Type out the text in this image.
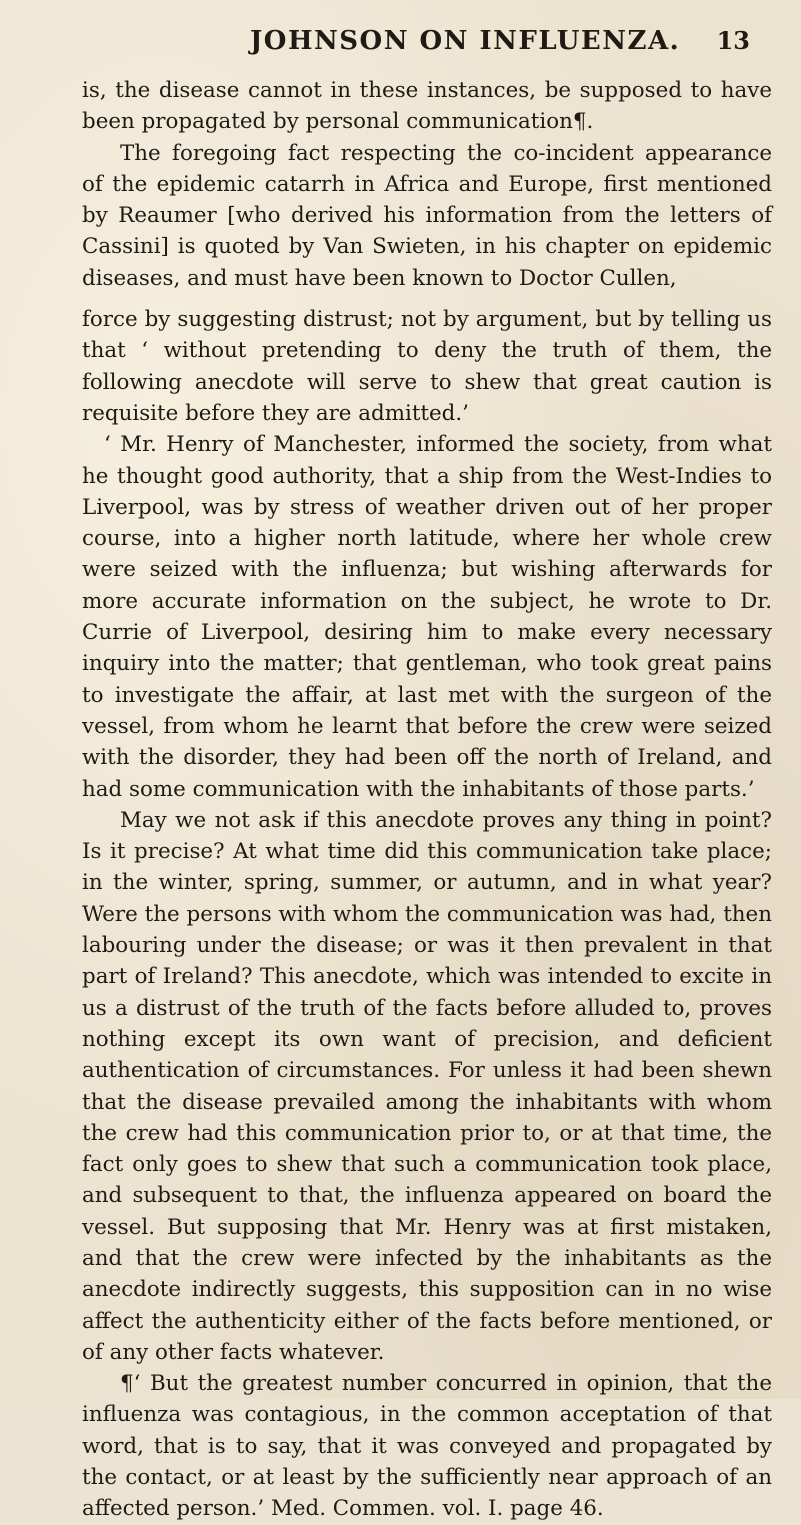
JOHNSON ON INFLUENZA. 13

is, the disease cannot in these instances, be supposed to have been propagated by personal communication¶.

The foregoing fact respecting the co-incident appearance of the epidemic catarrh in Africa and Europe, first mentioned by Reaumer [who derived his information from the letters of Cassini] is quoted by Van Swieten, in his chapter on epidemic diseases, and must have been known to Doctor Cullen,

force by suggesting distrust; not by argument, but by telling us that ‘ without pretending to deny the truth of them, the following anecdote will serve to shew that great caution is requisite before they are admitted.’

‘ Mr. Henry of Manchester, informed the society, from what he thought good authority, that a ship from the West-Indies to Liverpool, was by stress of weather driven out of her proper course, into a higher north latitude, where her whole crew were seized with the influenza; but wishing afterwards for more accurate information on the subject, he wrote to Dr. Currie of Liverpool, desiring him to make every necessary inquiry into the matter; that gentleman, who took great pains to investigate the affair, at last met with the surgeon of the vessel, from whom he learnt that before the crew were seized with the disorder, they had been off the north of Ireland, and had some communication with the inhabitants of those parts.’

May we not ask if this anecdote proves any thing in point? Is it precise? At what time did this communication take place; in the winter, spring, summer, or autumn, and in what year? Were the persons with whom the communication was had, then labouring under the disease; or was it then prevalent in that part of Ireland? This anecdote, which was intended to excite in us a distrust of the truth of the facts before alluded to, proves nothing except its own want of precision, and deficient authentication of circumstances. For unless it had been shewn that the disease prevailed among the inhabitants with whom the crew had this communication prior to, or at that time, the fact only goes to shew that such a communication took place, and subsequent to that, the influenza appeared on board the vessel. But supposing that Mr. Henry was at first mistaken, and that the crew were infected by the inhabitants as the anecdote indirectly suggests, this supposition can in no wise affect the authenticity either of the facts before mentioned, or of any other facts whatever.

¶‘ But the greatest number concurred in opinion, that the influenza was contagious, in the common acceptation of that word, that is to say, that it was conveyed and propagated by the contact, or at least by the sufficiently near approach of an affected person.’ Med. Commen. vol. I. page 46.
